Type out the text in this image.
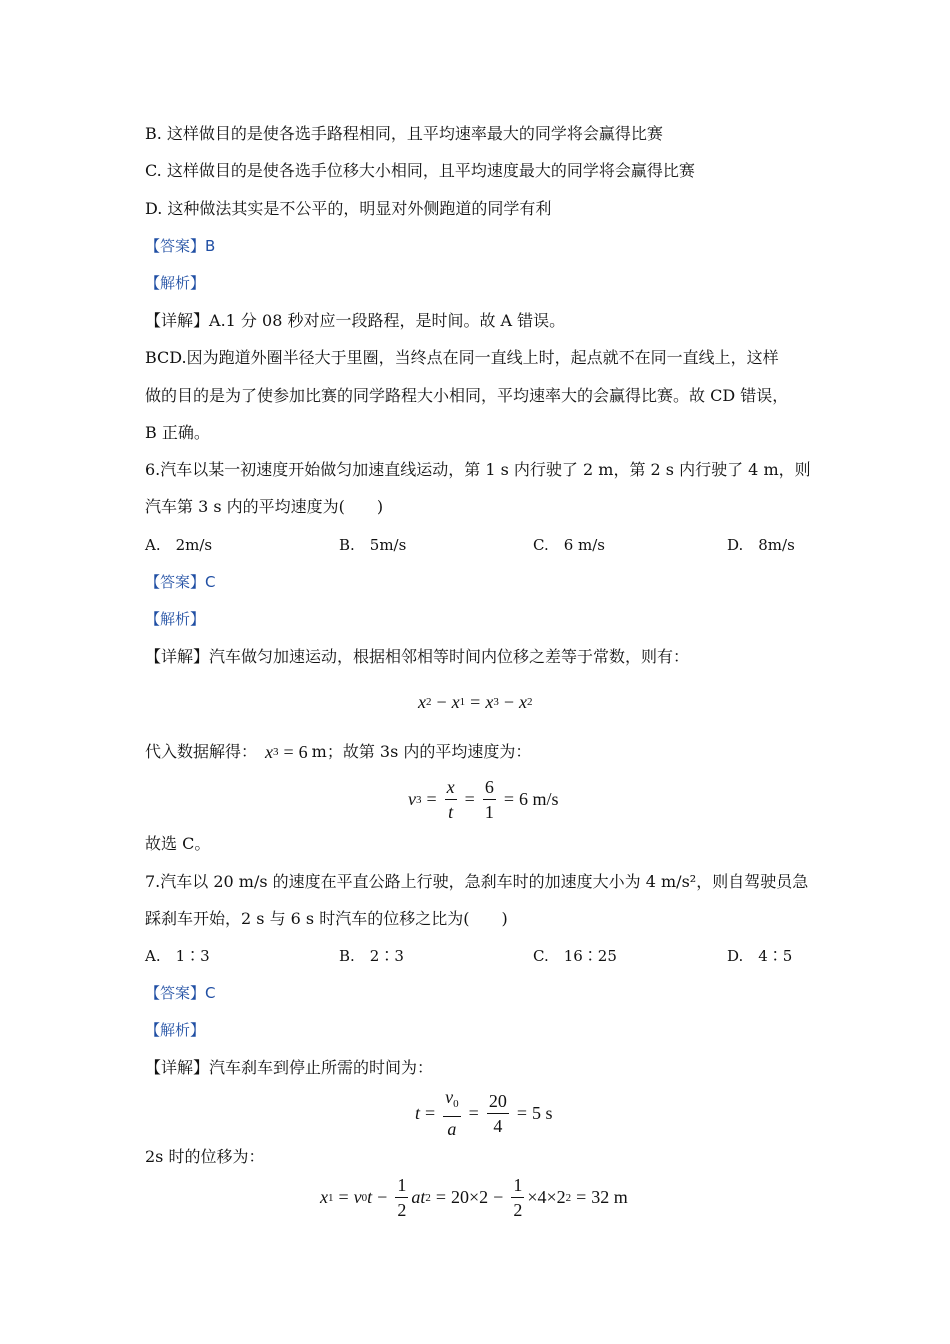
B. 这样做目的是使各选手路程相同，且平均速率最大的同学将会赢得比赛
C. 这样做目的是使各选手位移大小相同，且平均速度最大的同学将会赢得比赛
D. 这种做法其实是不公平的，明显对外侧跑道的同学有利
【答案】B
【解析】
【详解】A.1 分 08 秒对应一段路程，是时间。故 A 错误。
BCD.因为跑道外圈半径大于里圈，当终点在同一直线上时，起点就不在同一直线上，这样
做的目的是为了使参加比赛的同学路程大小相同，平均速率大的会赢得比赛。故 CD 错误，
B 正确。
6.汽车以某一初速度开始做匀加速直线运动，第 1 s 内行驶了 2 m，第 2 s 内行驶了 4 m，则
汽车第 3 s 内的平均速度为(　　)
A.　2m/s	B.　5m/s	C.　6 m/s	D.　8m/s
【答案】C
【解析】
【详解】汽车做匀加速运动，根据相邻相等时间内位移之差等于常数，则有：
x 2 − x 1 = x 3 − x 2
代入数据解得： x 3 = 6 m；故第 3s 内的平均速度为：
v $3 = \frac{x}{t} = \frac{6}{1} = 6$ m/s
故选 C。
7.汽车以 20 m/s 的速度在平直公路上行驶，急刹车时的加速度大小为 4 m/s²，则自驾驶员急
踩刹车开始，2 s 与 6 s 时汽车的位移之比为(　　)
A.　1∶3	B.　2∶3	C.　16∶25	D.　4∶5
【答案】C
【解析】
【详解】汽车刹车到停止所需的时间为：
$t = \frac{v_0}{a} = \frac{20}{4} = 5$ s
2s 时的位移为：
x 1 = v 0 $t - \frac{1}{2}$ at $2 = 20\times 2 - \frac{1}{2} \times 4\times 2$ 2 = 32 m
